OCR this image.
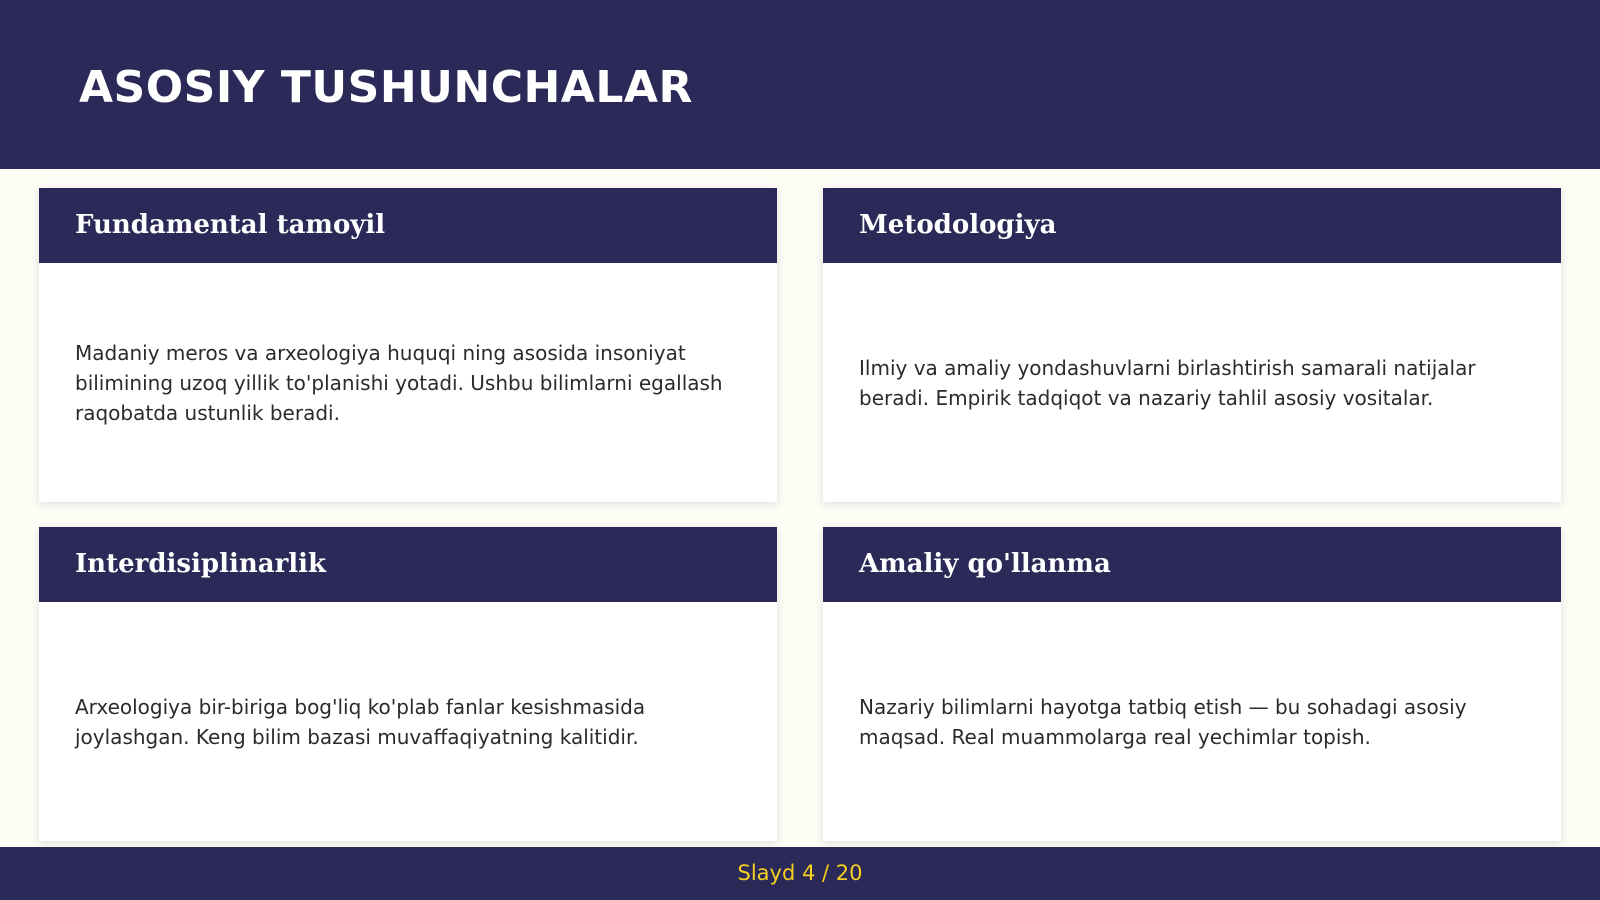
ASOSIY TUSHUNCHALAR
Fundamental tamoyil

Madaniy meros va arxeologiya huquqi ning asosida insoniyat bilimining uzoq yillik to'planishi yotadi. Ushbu bilimlarni egallash raqobatda ustunlik beradi.

Metodologiya

Ilmiy va amaliy yondashuvlarni birlashtirish samarali natijalar beradi. Empirik tadqiqot va nazariy tahlil asosiy vositalar.

Interdisiplinarlik

Arxeologiya bir-biriga bog'liq ko'plab fanlar kesishmasida joylashgan. Keng bilim bazasi muvaffaqiyatning kalitidir.

Amaliy qo'llanma

Nazariy bilimlarni hayotga tatbiq etish — bu sohadagi asosiy maqsad. Real muammolarga real yechimlar topish.

Slayd 4 / 20
